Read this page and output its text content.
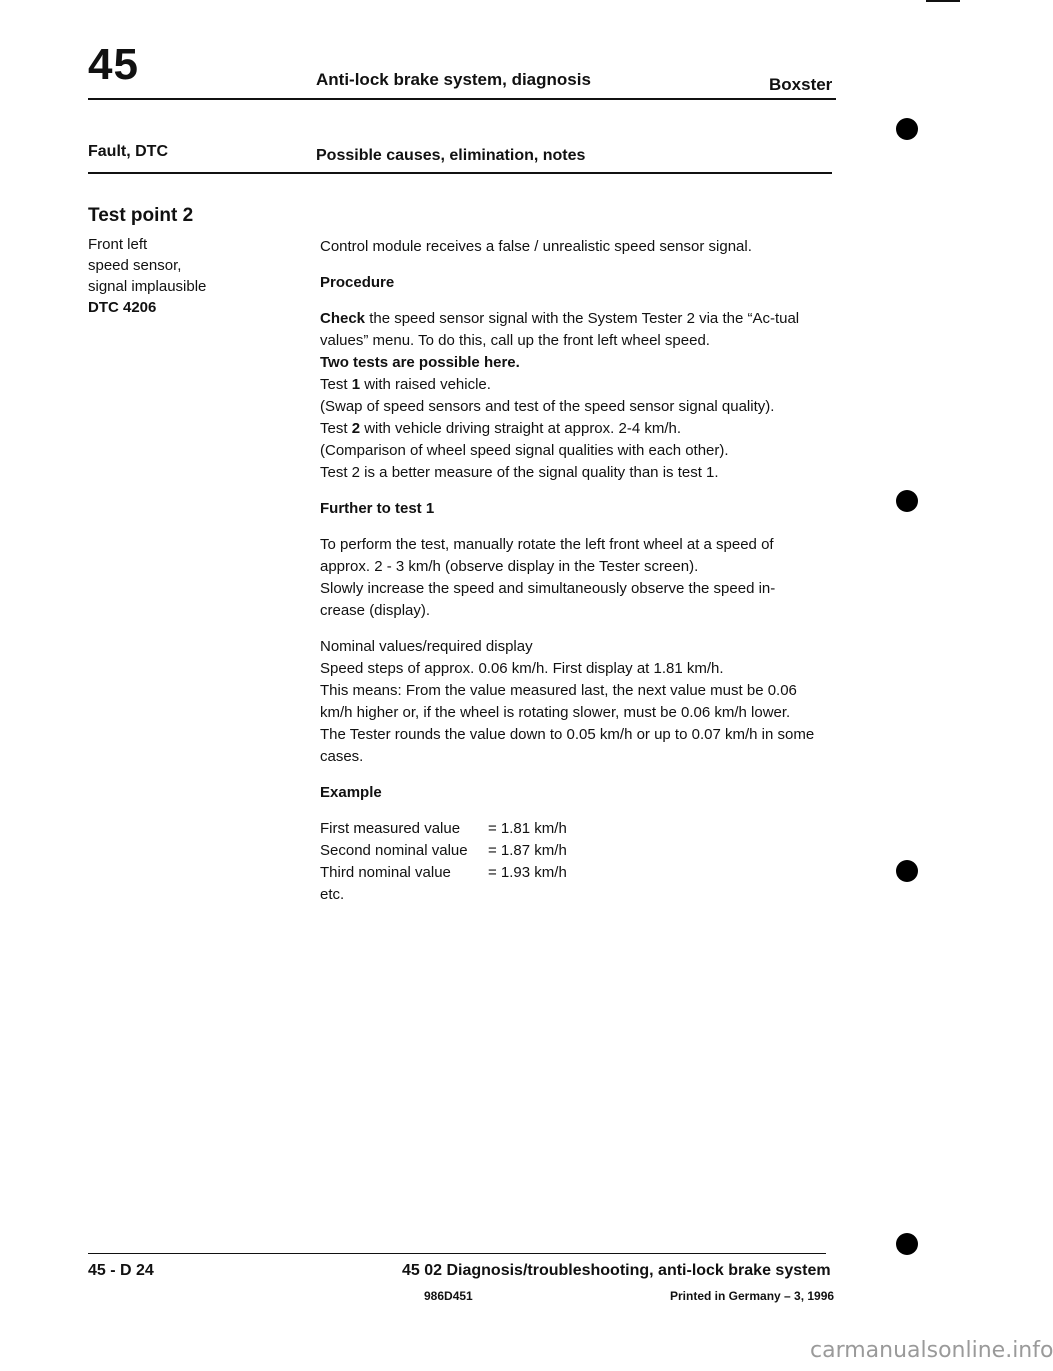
45	Anti-lock brake system, diagnosis	Boxster
Fault, DTC	Possible causes, elimination, notes
Test point 2
Front left
speed sensor,
signal implausible
DTC 4206

Control module receives a false / unrealistic speed sensor signal.

Procedure

Check the speed sensor signal with the System Tester 2 via the “Ac-tual values” menu. To do this, call up the front left wheel speed.

Two tests are possible here.

Test 1 with raised vehicle.

(Swap of speed sensors and test of the speed sensor signal quality).

Test 2 with vehicle driving straight at approx. 2-4 km/h.

(Comparison of wheel speed signal qualities with each other).

Test 2 is a better measure of the signal quality than is test 1.

Further to test 1

To perform the test, manually rotate the left front wheel at a speed of approx. 2 - 3 km/h (observe display in the Tester screen).

Slowly increase the speed and simultaneously observe the speed in-crease (display).

Nominal values/required display

Speed steps of approx. 0.06 km/h. First display at 1.81 km/h.

This means: From the value measured last, the next value must be 0.06 km/h higher or, if the wheel is rotating slower, must be 0.06 km/h lower.

The Tester rounds the value down to 0.05 km/h or up to 0.07 km/h in some cases.

Example

First measured value	= 1.81 km/h
Second nominal value	= 1.87 km/h
Third nominal value	= 1.93 km/h

etc.

45 - D 24	45 02 Diagnosis/troubleshooting, anti-lock brake system
986D451	Printed in Germany – 3, 1996
carmanualsonline.info
